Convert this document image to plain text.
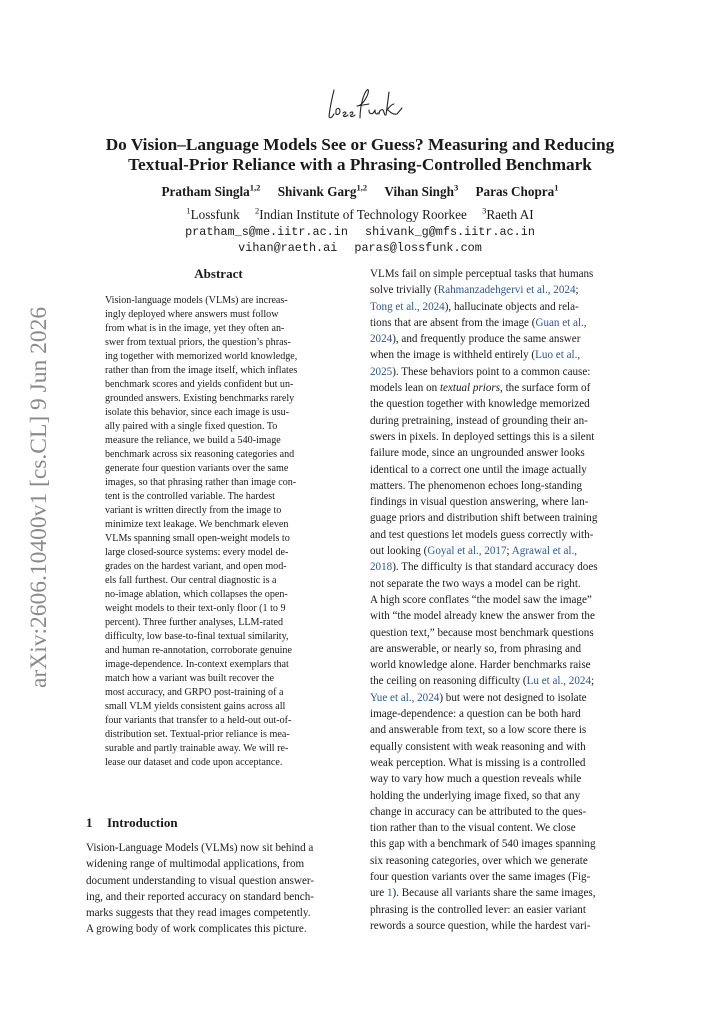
arXiv:2606.10400v1 [cs.CL] 9 Jun 2026
Do Vision–Language Models See or Guess? Measuring and Reducing
Textual-Prior Reliance with a Phrasing-Controlled Benchmark
Pratham Singla$^{1,2}$ Shivank Garg$^{1,2}$ Vihan Singh$^3$ Paras Chopra$^1$
$^1$Lossfunk $^2$Indian Institute of Technology Roorkee $^3$Raeth AI
pratham_s@me.iitr.ac.in shivank_g@mfs.iitr.ac.in
vihan@raeth.ai paras@lossfunk.com
Abstract
Vision-language models (VLMs) are increas-
ingly deployed where answers must follow
from what is in the image, yet they often an-
swer from textual priors, the question’s phras-
ing together with memorized world knowledge,
rather than from the image itself, which inflates
benchmark scores and yields confident but un-
grounded answers. Existing benchmarks rarely
isolate this behavior, since each image is usu-
ally paired with a single fixed question. To
measure the reliance, we build a 540-image
benchmark across six reasoning categories and
generate four question variants over the same
images, so that phrasing rather than image con-
tent is the controlled variable. The hardest
variant is written directly from the image to
minimize text leakage. We benchmark eleven
VLMs spanning small open-weight models to
large closed-source systems: every model de-
grades on the hardest variant, and open mod-
els fall furthest. Our central diagnostic is a
no-image ablation, which collapses the open-
weight models to their text-only floor (1 to 9
percent). Three further analyses, LLM-rated
difficulty, low base-to-final textual similarity,
and human re-annotation, corroborate genuine
image-dependence. In-context exemplars that
match how a variant was built recover the
most accuracy, and GRPO post-training of a
small VLM yields consistent gains across all
four variants that transfer to a held-out out-of-
distribution set. Textual-prior reliance is mea-
surable and partly trainable away. We will re-
lease our dataset and code upon acceptance.
1 Introduction
Vision-Language Models (VLMs) now sit behind a
widening range of multimodal applications, from
document understanding to visual question answer-
ing, and their reported accuracy on standard bench-
marks suggests that they read images competently.
A growing body of work complicates this picture.
VLMs fail on simple perceptual tasks that humans
solve trivially (Rahmanzadehgervi et al., 2024;
Tong et al., 2024), hallucinate objects and rela-
tions that are absent from the image (Guan et al.,
2024), and frequently produce the same answer
when the image is withheld entirely (Luo et al.,
2025). These behaviors point to a common cause:
models lean on textual priors, the surface form of
the question together with knowledge memorized
during pretraining, instead of grounding their an-
swers in pixels. In deployed settings this is a silent
failure mode, since an ungrounded answer looks
identical to a correct one until the image actually
matters. The phenomenon echoes long-standing
findings in visual question answering, where lan-
guage priors and distribution shift between training
and test questions let models guess correctly with-
out looking (Goyal et al., 2017; Agrawal et al.,
2018). The difficulty is that standard accuracy does
not separate the two ways a model can be right.
A high score conflates “the model saw the image”
with “the model already knew the answer from the
question text,” because most benchmark questions
are answerable, or nearly so, from phrasing and
world knowledge alone. Harder benchmarks raise
the ceiling on reasoning difficulty (Lu et al., 2024;
Yue et al., 2024) but were not designed to isolate
image-dependence: a question can be both hard
and answerable from text, so a low score there is
equally consistent with weak reasoning and with
weak perception. What is missing is a controlled
way to vary how much a question reveals while
holding the underlying image fixed, so that any
change in accuracy can be attributed to the ques-
tion rather than to the visual content. We close
this gap with a benchmark of 540 images spanning
six reasoning categories, over which we generate
four question variants over the same images (Fig-
ure 1). Because all variants share the same images,
phrasing is the controlled lever: an easier variant
rewords a source question, while the hardest vari-
